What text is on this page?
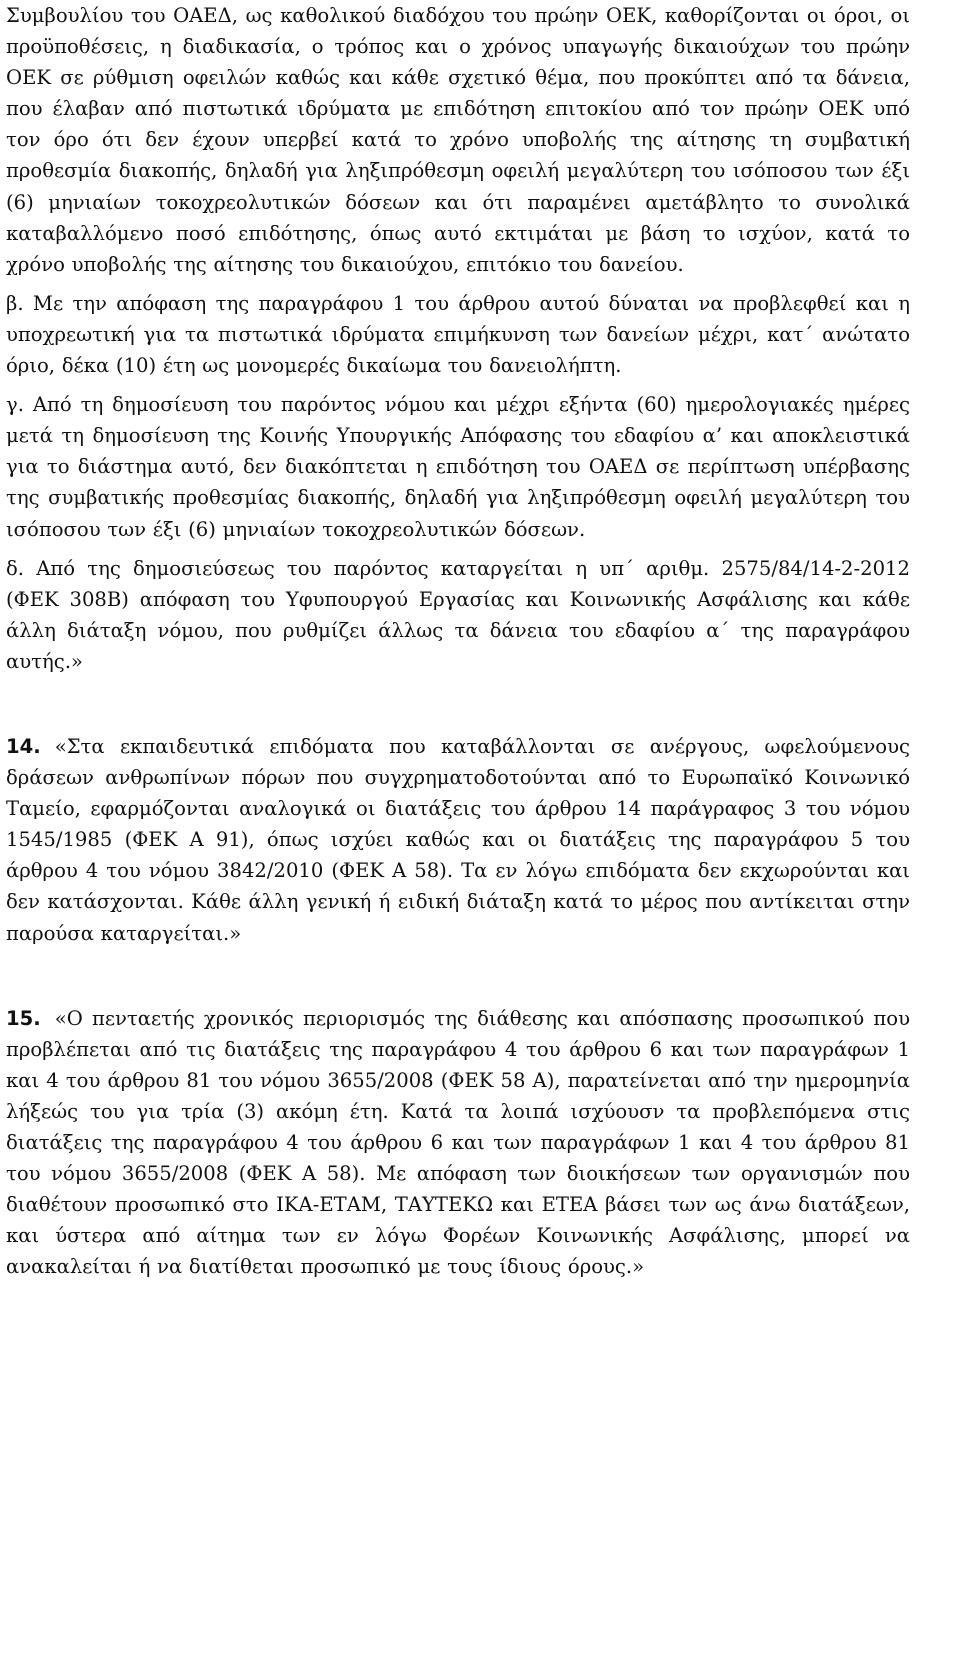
Συμβουλίου του ΟΑΕΔ, ως καθολικού διαδόχου του πρώην ΟΕΚ, καθορίζονται οι όροι, οι προϋποθέσεις, η διαδικασία, ο τρόπος και ο χρόνος υπαγωγής δικαιούχων του πρώην ΟΕΚ σε ρύθμιση οφειλών καθώς και κάθε σχετικό θέμα, που προκύπτει από τα δάνεια, που έλαβαν από πιστωτικά ιδρύματα με επιδότηση επιτοκίου από τον πρώην ΟΕΚ υπό τον όρο ότι δεν έχουν υπερβεί κατά το χρόνο υποβολής της αίτησης τη συμβατική προθεσμία διακοπής, δηλαδή για ληξιπρόθεσμη οφειλή μεγαλύτερη του ισόποσου των έξι (6) μηνιαίων τοκοχρεολυτικών δόσεων και ότι παραμένει αμετάβλητο το συνολικά καταβαλλόμενο ποσό επιδότησης, όπως αυτό εκτιμάται με βάση το ισχύον, κατά το χρόνο υποβολής της αίτησης του δικαιούχου, επιτόκιο του δανείου.

β. Με την απόφαση της παραγράφου 1 του άρθρου αυτού δύναται να προβλεφθεί και η υποχρεωτική για τα πιστωτικά ιδρύματα επιμήκυνση των δανείων μέχρι, κατ΄ ανώτατο όριο, δέκα (10) έτη ως μονομερές δικαίωμα του δανειολήπτη.

γ. Από τη δημοσίευση του παρόντος νόμου και μέχρι εξήντα (60) ημερολογιακές ημέρες μετά τη δημοσίευση της Κοινής Υπουργικής Απόφασης του εδαφίου α’ και αποκλειστικά για το διάστημα αυτό, δεν διακόπτεται η επιδότηση του ΟΑΕΔ σε περίπτωση υπέρβασης της συμβατικής προθεσμίας διακοπής, δηλαδή για ληξιπρόθεσμη οφειλή μεγαλύτερη του ισόποσου των έξι (6) μηνιαίων τοκοχρεολυτικών δόσεων.

δ. Από της δημοσιεύσεως του παρόντος καταργείται η υπ΄ αριθμ. 2575/84/14-2-2012 (ΦΕΚ 308Β) απόφαση του Υφυπουργού Εργασίας και Κοινωνικής Ασφάλισης και κάθε άλλη διάταξη νόμου, που ρυθμίζει άλλως τα δάνεια του εδαφίου α΄ της παραγράφου αυτής.»

14. «Στα εκπαιδευτικά επιδόματα που καταβάλλονται σε ανέργους, ωφελούμενους δράσεων ανθρωπίνων πόρων που συγχρηματοδοτούνται από το Ευρωπαϊκό Κοινωνικό Ταμείο, εφαρμόζονται αναλογικά οι διατάξεις του άρθρου 14 παράγραφος 3 του νόμου 1545/1985 (ΦΕΚ Α 91), όπως ισχύει καθώς και οι διατάξεις της παραγράφου 5 του άρθρου 4 του νόμου 3842/2010 (ΦΕΚ Α 58). Τα εν λόγω επιδόματα δεν εκχωρούνται και δεν κατάσχονται. Κάθε άλλη γενική ή ειδική διάταξη κατά το μέρος που αντίκειται στην παρούσα καταργείται.»

15. «Ο πενταετής χρονικός περιορισμός της διάθεσης και απόσπασης προσωπικού που προβλέπεται από τις διατάξεις της παραγράφου 4 του άρθρου 6 και των παραγράφων 1 και 4 του άρθρου 81 του νόμου 3655/2008 (ΦΕΚ 58 Α), παρατείνεται από την ημερομηνία λήξεώς του για τρία (3) ακόμη έτη. Κατά τα λοιπά ισχύουσν τα προβλεπόμενα στις διατάξεις της παραγράφου 4 του άρθρου 6 και των παραγράφων 1 και 4 του άρθρου 81 του νόμου 3655/2008 (ΦΕΚ Α 58). Με απόφαση των διοικήσεων των οργανισμών που διαθέτουν προσωπικό στο ΙΚΑ-ΕΤΑΜ, ΤΑΥΤΕΚΩ και ΕΤΕΑ βάσει των ως άνω διατάξεων, και ύστερα από αίτημα των εν λόγω Φορέων Κοινωνικής Ασφάλισης, μπορεί να ανακαλείται ή να διατίθεται προσωπικό με τους ίδιους όρους.»
